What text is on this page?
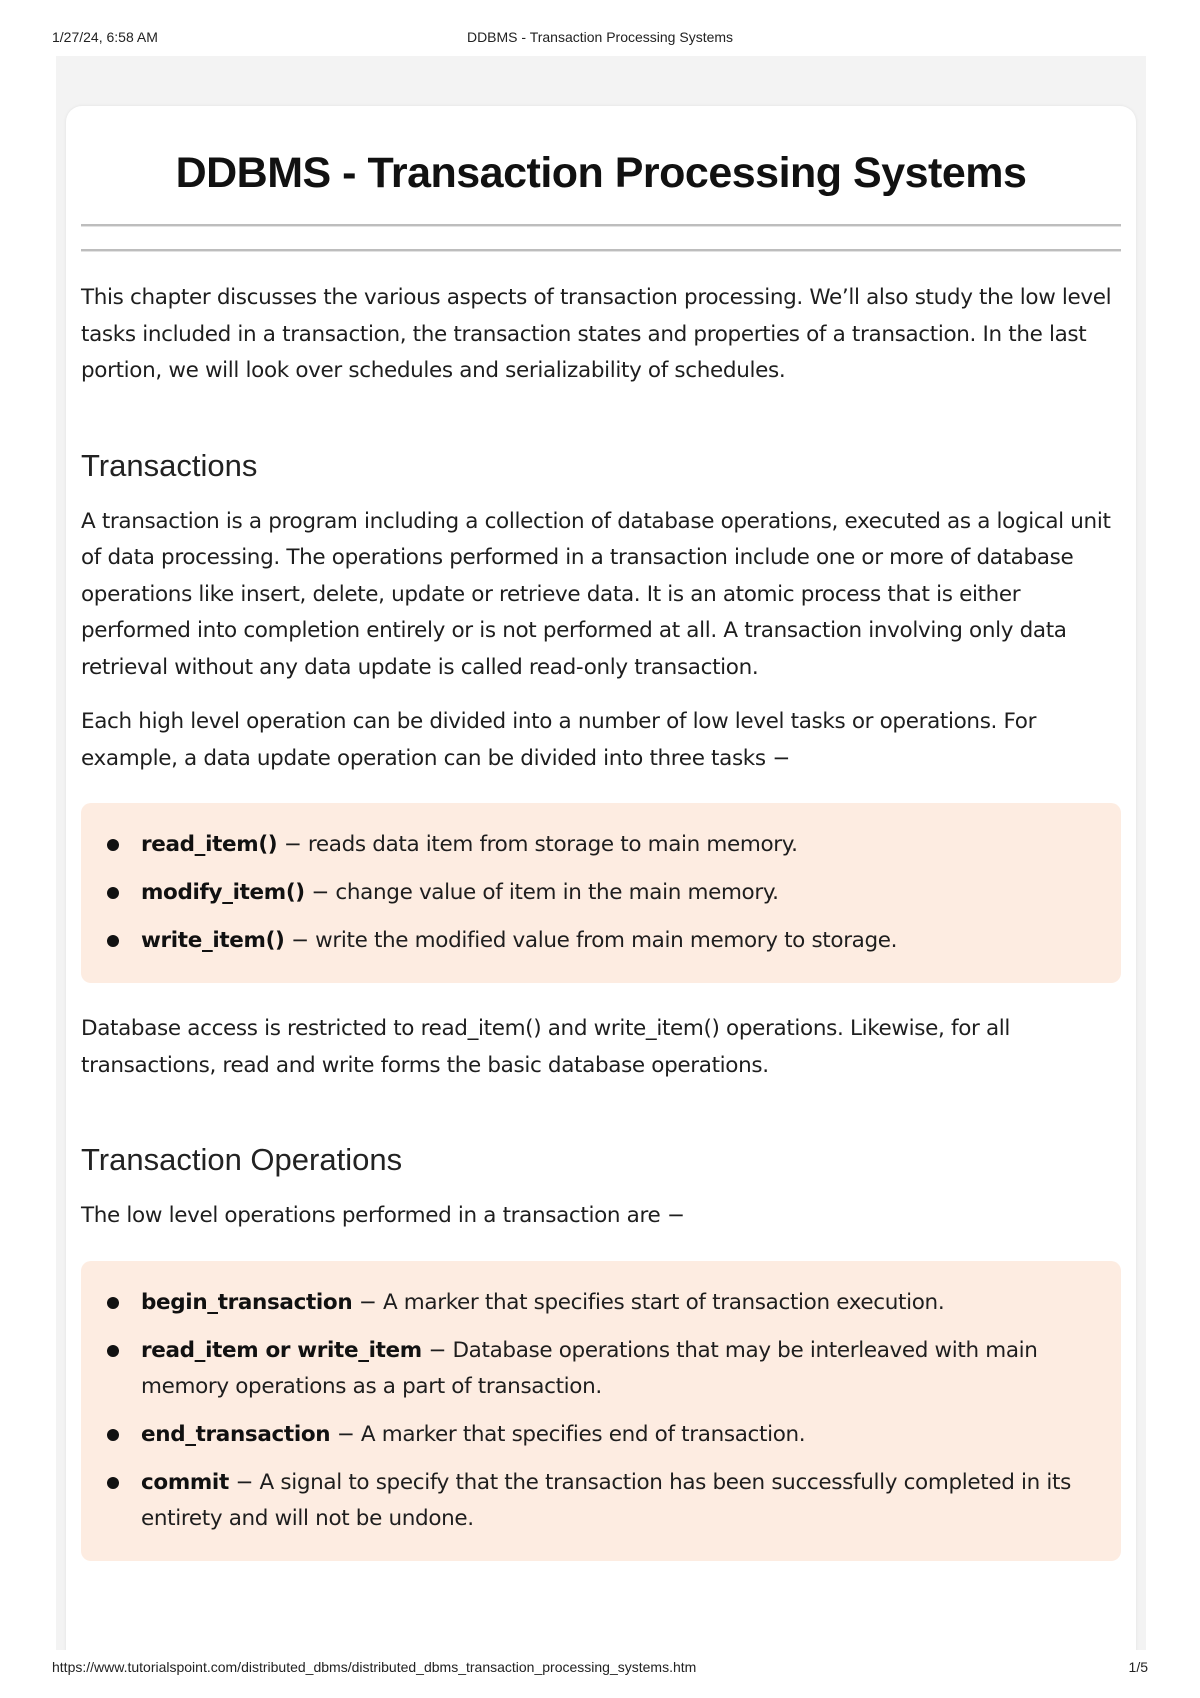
1/27/24, 6:58 AM	DDBMS - Transaction Processing Systems
DDBMS - Transaction Processing Systems

This chapter discusses the various aspects of transaction processing. We’ll also study the low level tasks included in a transaction, the transaction states and properties of a transaction. In the last portion, we will look over schedules and serializability of schedules.

Transactions

A transaction is a program including a collection of database operations, executed as a logical unit of data processing. The operations performed in a transaction include one or more of database operations like insert, delete, update or retrieve data. It is an atomic process that is either performed into completion entirely or is not performed at all. A transaction involving only data retrieval without any data update is called read-only transaction.

Each high level operation can be divided into a number of low level tasks or operations. For example, a data update operation can be divided into three tasks −

read_item() − reads data item from storage to main memory.
modify_item() − change value of item in the main memory.
write_item() − write the modified value from main memory to storage.

Database access is restricted to read_item() and write_item() operations. Likewise, for all transactions, read and write forms the basic database operations.

Transaction Operations

The low level operations performed in a transaction are −

begin_transaction − A marker that specifies start of transaction execution.
read_item or write_item − Database operations that may be interleaved with main memory operations as a part of transaction.
end_transaction − A marker that specifies end of transaction.
commit − A signal to specify that the transaction has been successfully completed in its entirety and will not be undone.
https://www.tutorialspoint.com/distributed_dbms/distributed_dbms_transaction_processing_systems.htm	1/5
